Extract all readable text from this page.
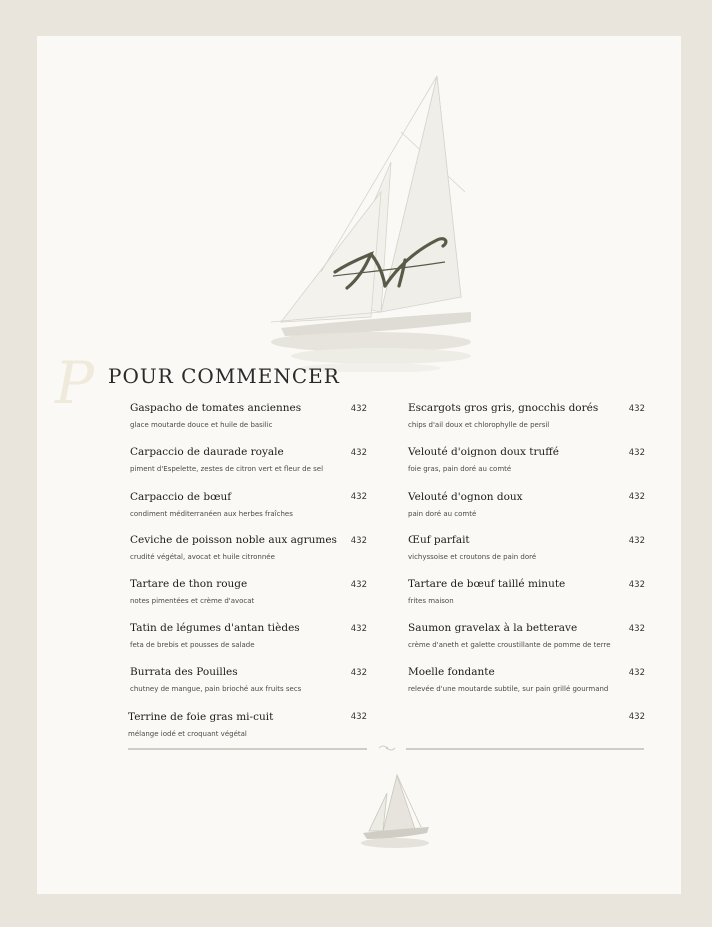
P POUR COMMENCER
Gaspacho de tomates anciennes
glace moutarde douce et huile de basilic
432
Carpaccio de daurade royale
piment d'Espelette, zestes de citron vert et fleur de sel
432
Carpaccio de bœuf
condiment méditerranéen aux herbes fraîches
432
Ceviche de poisson noble aux agrumes
crudité végétal, avocat et huile citronnée
432
Tartare de thon rouge
notes pimentées et crème d'avocat
432
Tatin de légumes d'antan tièdes
feta de brebis et pousses de salade
432
Burrata des Pouilles
chutney de mangue, pain brioché aux fruits secs
432
Terrine de foie gras mi-cuit
mélange iodé et croquant végétal
432
Escargots gros gris, gnocchis dorés
chips d'ail doux et chlorophylle de persil
432
Velouté d'oignon doux truffé
foie gras, pain doré au comté
432
Velouté d'ognon doux
pain doré au comté
432
Œuf parfait
vichyssoise et croutons de pain doré
432
Tartare de bœuf taillé minute
frites maison
432
Saumon gravelax à la betterave
crème d'aneth et galette croustillante de pomme de terre
432
Moelle fondante
relevée d'une moutarde subtile, sur pain grillé gourmand
432
432
